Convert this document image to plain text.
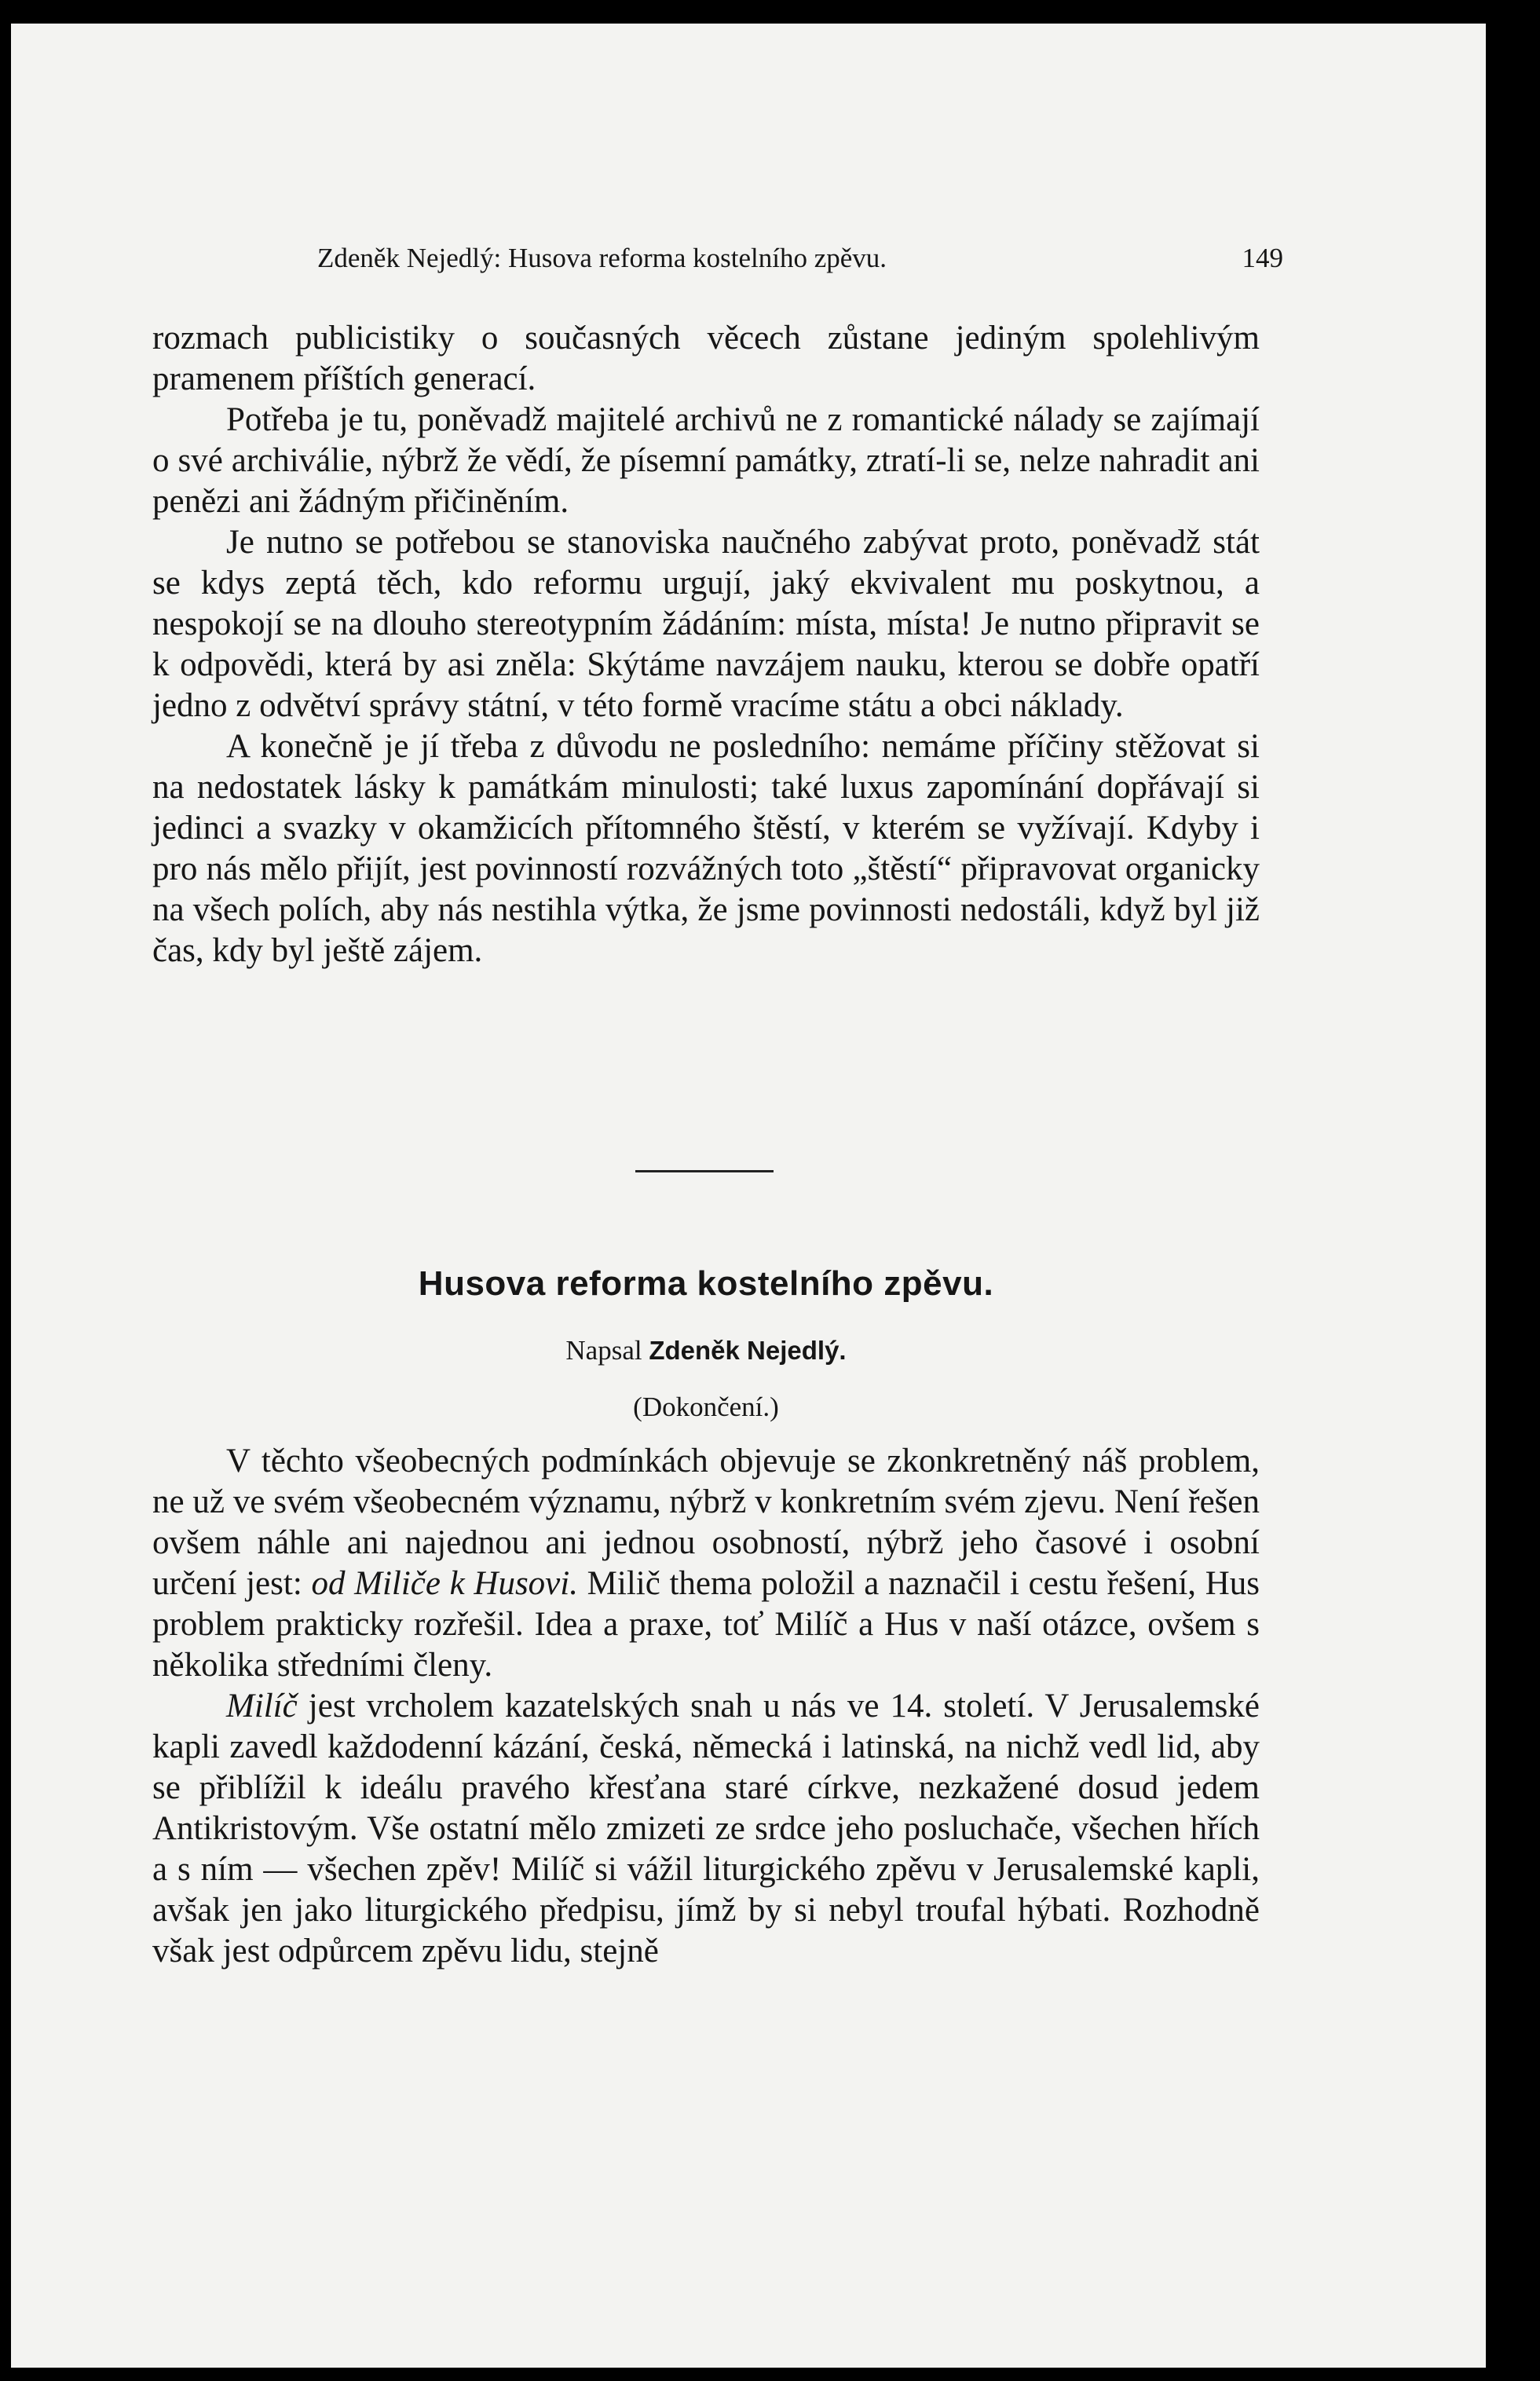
Zdeněk Nejedlý: Husova reforma kostelního zpěvu.	149

rozmach publicistiky o současných věcech zůstane jediným spolehlivým pramenem příštích generací.

Potřeba je tu, poněvadž majitelé archivů ne z romantické nálady se zajímají o své archiválie, nýbrž že vědí, že písemní památky, ztratí-li se, nelze nahradit ani penězi ani žádným přičiněním.

Je nutno se potřebou se stanoviska naučného zabývat proto, poněvadž stát se kdys zeptá těch, kdo reformu urgují, jaký ekvivalent mu poskytnou, a nespokojí se na dlouho stereotypním žádáním: místa, místa! Je nutno připravit se k odpovědi, která by asi zněla: Skýtáme navzájem nauku, kterou se dobře opatří jedno z odvětví správy státní, v této formě vracíme státu a obci náklady.

A konečně je jí třeba z důvodu ne posledního: nemáme příčiny stěžovat si na nedostatek lásky k památkám minulosti; také luxus zapomínání dopřávají si jedinci a svazky v okamžicích přítomného štěstí, v kterém se vyžívají. Kdyby i pro nás mělo přijít, jest povinností rozvážných toto „štěstí“ připravovat organicky na všech polích, aby nás nestihla výtka, že jsme povinnosti nedostáli, když byl již čas, kdy byl ještě zájem.

Husova reforma kostelního zpěvu.
Napsal Zdeněk Nejedlý.
(Dokončení.)

V těchto všeobecných podmínkách objevuje se zkonkretněný náš problem, ne už ve svém všeobecném významu, nýbrž v konkretním svém zjevu. Není řešen ovšem náhle ani najednou ani jednou osobností, nýbrž jeho časové i osobní určení jest: od Miliče k Husovi. Milič thema položil a naznačil i cestu řešení, Hus problem prakticky rozřešil. Idea a praxe, toť Milíč a Hus v naší otázce, ovšem s několika středními členy.

Milíč jest vrcholem kazatelských snah u nás ve 14. století. V Jerusalemské kapli zavedl každodenní kázání, česká, německá i latinská, na nichž vedl lid, aby se přiblížil k ideálu pravého křesťana staré církve, nezkažené dosud jedem Antikristovým. Vše ostatní mělo zmizeti ze srdce jeho posluchače, všechen hřích a s ním — všechen zpěv! Milíč si vážil liturgického zpěvu v Jerusalemské kapli, avšak jen jako liturgického předpisu, jímž by si nebyl troufal hýbati. Rozhodně však jest odpůrcem zpěvu lidu, stejně
